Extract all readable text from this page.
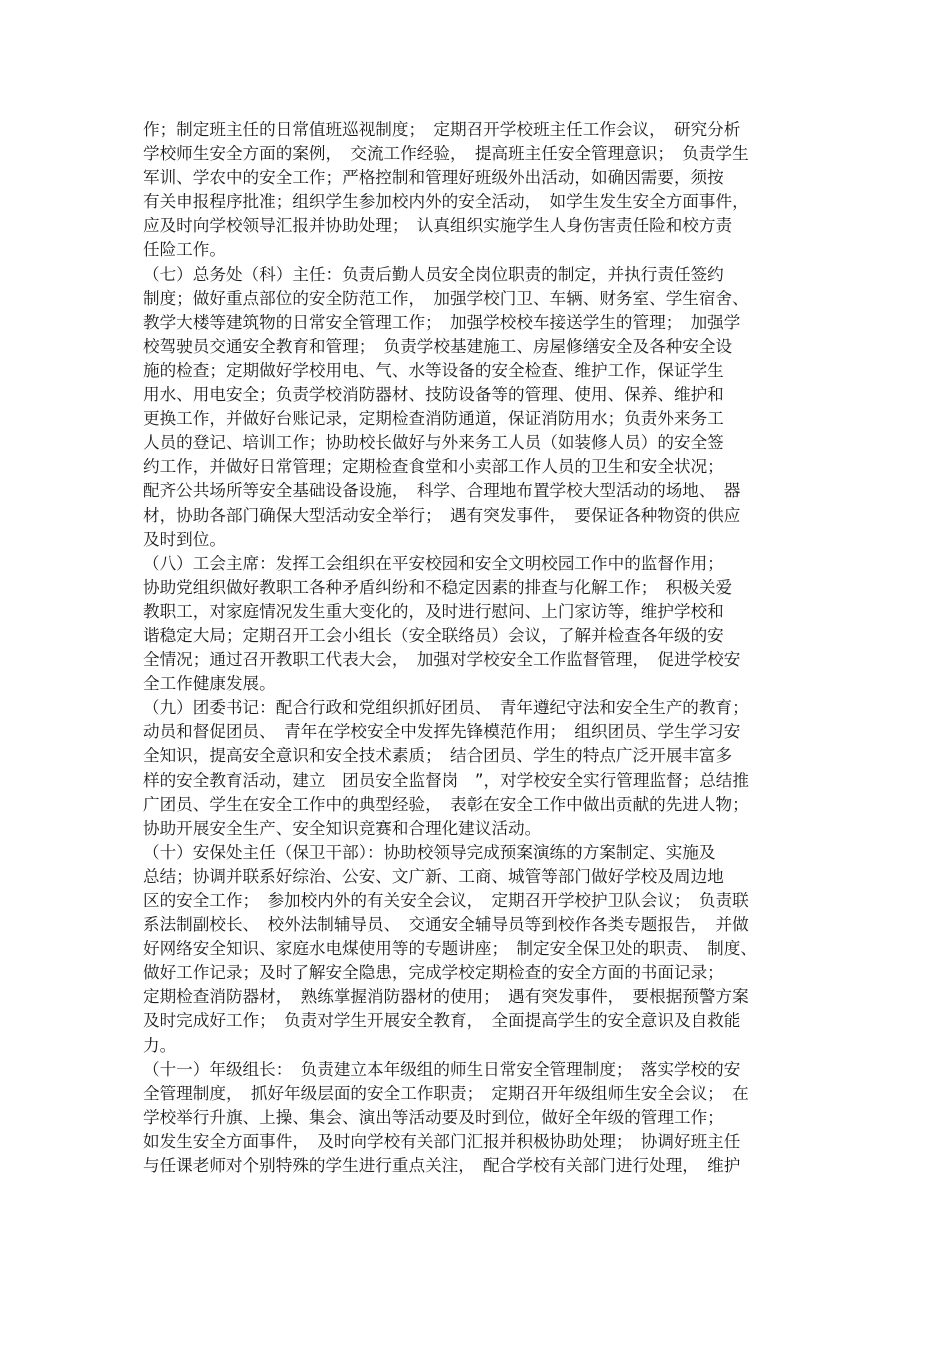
作；制定班主任的日常值班巡视制度；　定期召开学校班主任工作会议，　研究分析
学校师生安全方面的案例，　交流工作经验，　提高班主任安全管理意识；　负责学生
军训、学农中的安全工作；严格控制和管理好班级外出活动，如确因需要，须按
有关申报程序批准；组织学生参加校内外的安全活动，　如学生发生安全方面事件，
应及时向学校领导汇报并协助处理；　认真组织实施学生人身伤害责任险和校方责
任险工作。
（七）总务处（科）主任：负责后勤人员安全岗位职责的制定，并执行责任签约
制度；做好重点部位的安全防范工作，　加强学校门卫、车辆、财务室、学生宿舍、
教学大楼等建筑物的日常安全管理工作；　加强学校校车接送学生的管理；　加强学
校驾驶员交通安全教育和管理；　负责学校基建施工、房屋修缮安全及各种安全设
施的检查；定期做好学校用电、气、水等设备的安全检查、维护工作，保证学生
用水、用电安全；负责学校消防器材、技防设备等的管理、使用、保养、维护和
更换工作，并做好台账记录，定期检查消防通道，保证消防用水；负责外来务工
人员的登记、培训工作；协助校长做好与外来务工人员（如装修人员）的安全签
约工作，并做好日常管理；定期检查食堂和小卖部工作人员的卫生和安全状况；
配齐公共场所等安全基础设备设施，　科学、合理地布置学校大型活动的场地、　器
材，协助各部门确保大型活动安全举行；　遇有突发事件，　要保证各种物资的供应
及时到位。
（八）工会主席：发挥工会组织在平安校园和安全文明校园工作中的监督作用；
协助党组织做好教职工各种矛盾纠纷和不稳定因素的排查与化解工作；　积极关爱
教职工，对家庭情况发生重大变化的，及时进行慰问、上门家访等，维护学校和
谐稳定大局；定期召开工会小组长（安全联络员）会议，了解并检查各年级的安
全情况；通过召开教职工代表大会，　加强对学校安全工作监督管理，　促进学校安
全工作健康发展。
（九）团委书记：配合行政和党组织抓好团员、　青年遵纪守法和安全生产的教育；
动员和督促团员、　青年在学校安全中发挥先锋模范作用；　组织团员、学生学习安
全知识，提高安全意识和安全技术素质；　结合团员、学生的特点广泛开展丰富多
样的安全教育活动，建立　团员安全监督岗　”，对学校安全实行管理监督；总结推
广团员、学生在安全工作中的典型经验，　表彰在安全工作中做出贡献的先进人物；
协助开展安全生产、安全知识竞赛和合理化建议活动。
（十）安保处主任（保卫干部）：协助校领导完成预案演练的方案制定、实施及
总结；协调并联系好综治、公安、文广新、工商、城管等部门做好学校及周边地
区的安全工作；　参加校内外的有关安全会议，　定期召开学校护卫队会议；　负责联
系法制副校长、　校外法制辅导员、　交通安全辅导员等到校作各类专题报告，　并做
好网络安全知识、家庭水电煤使用等的专题讲座；　制定安全保卫处的职责、　制度、
做好工作记录；及时了解安全隐患，完成学校定期检查的安全方面的书面记录；
定期检查消防器材，　熟练掌握消防器材的使用；　遇有突发事件，　要根据预警方案
及时完成好工作；　负责对学生开展安全教育，　全面提高学生的安全意识及自救能
力。
（十一）年级组长：　负责建立本年级组的师生日常安全管理制度；　落实学校的安
全管理制度，　抓好年级层面的安全工作职责；　定期召开年级组师生安全会议；　在
学校举行升旗、上操、集会、演出等活动要及时到位，做好全年级的管理工作；
如发生安全方面事件，　及时向学校有关部门汇报并积极协助处理；　协调好班主任
与任课老师对个别特殊的学生进行重点关注，　配合学校有关部门进行处理，　维护
